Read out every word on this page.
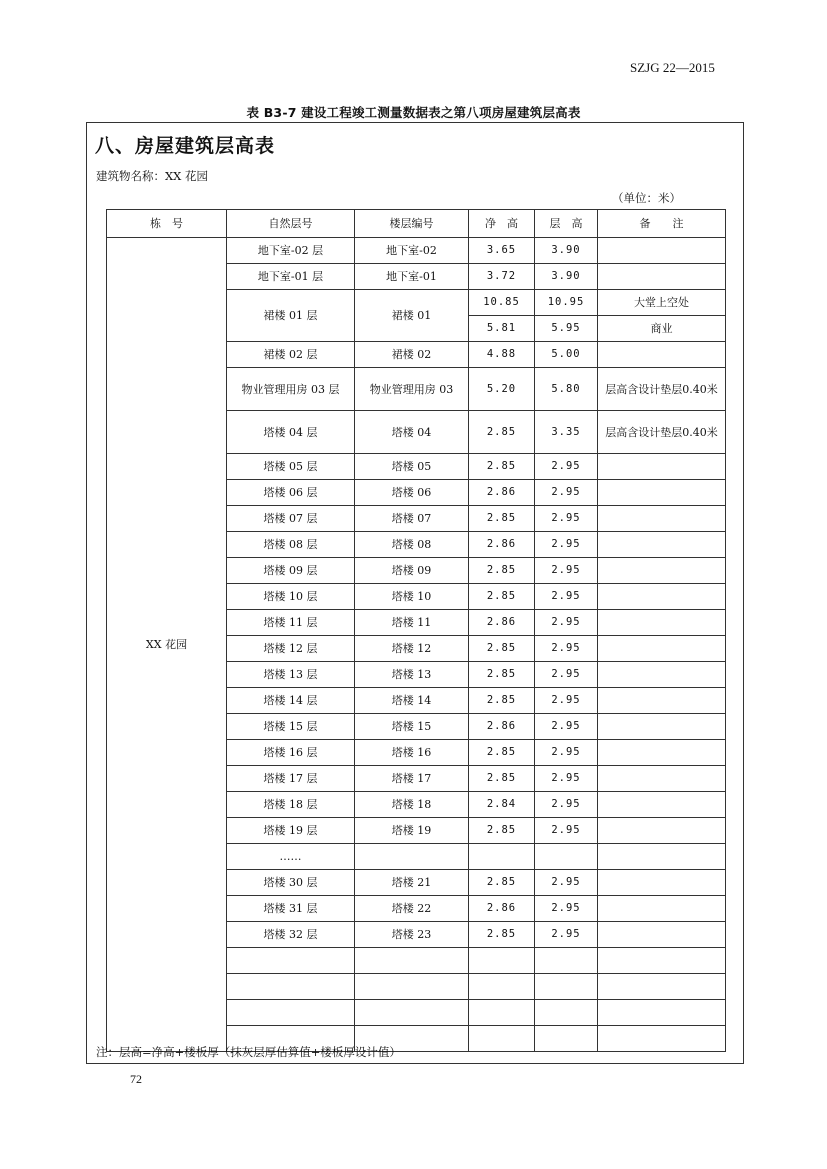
SZJG 22—2015
表 B3-7 建设工程竣工测量数据表之第八项房屋建筑层高表
八、房屋建筑层高表
建筑物名称：XX 花园
（单位：米）
栋　号	自然层号	楼层编号	净　高	层　高	备　　注
XX 花园	地下室-02 层	地下室-02	3.65	3.90	
	地下室-01 层	地下室-01	3.72	3.90	
	裙楼 01 层	裙楼 01	10.85	10.95	大堂上空处
			5.81	5.95	商业
	裙楼 02 层	裙楼 02	4.88	5.00	
	物业管理用房 03 层	物业管理用房 03	5.20	5.80	层高含设计垫层0.40米
	塔楼 04 层	塔楼 04	2.85	3.35	层高含设计垫层0.40米
	塔楼 05 层	塔楼 05	2.85	2.95	
	塔楼 06 层	塔楼 06	2.86	2.95	
	塔楼 07 层	塔楼 07	2.85	2.95	
	塔楼 08 层	塔楼 08	2.86	2.95	
	塔楼 09 层	塔楼 09	2.85	2.95	
	塔楼 10 层	塔楼 10	2.85	2.95	
	塔楼 11 层	塔楼 11	2.86	2.95	
	塔楼 12 层	塔楼 12	2.85	2.95	
	塔楼 13 层	塔楼 13	2.85	2.95	
	塔楼 14 层	塔楼 14	2.85	2.95	
	塔楼 15 层	塔楼 15	2.86	2.95	
	塔楼 16 层	塔楼 16	2.85	2.95	
	塔楼 17 层	塔楼 17	2.85	2.95	
	塔楼 18 层	塔楼 18	2.84	2.95	
	塔楼 19 层	塔楼 19	2.85	2.95	
	……				
	塔楼 30 层	塔楼 21	2.85	2.95	
	塔楼 31 层	塔楼 22	2.86	2.95	
	塔楼 32 层	塔楼 23	2.85	2.95	

注：层高=净高+楼板厚（抹灰层厚估算值+楼板厚设计值）
72
